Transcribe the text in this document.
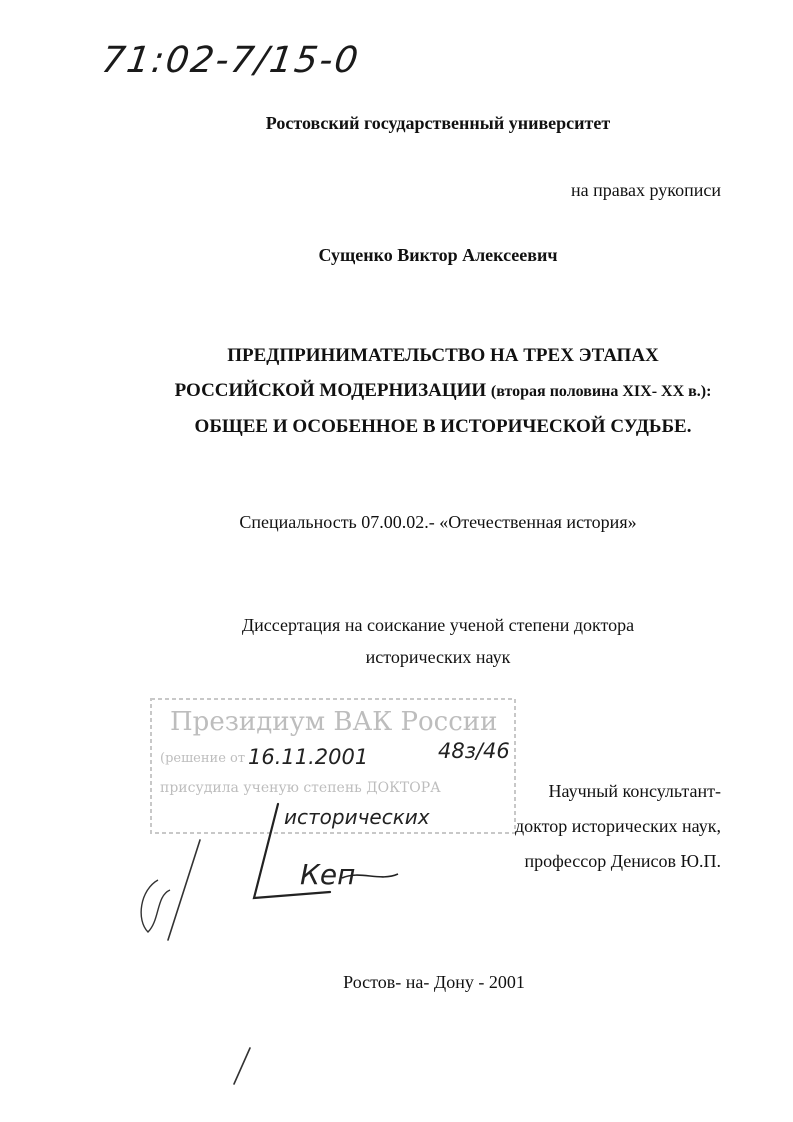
71:02-7/15-0
Ростовский государственный университет
на правах рукописи
Сущенко Виктор Алексеевич
ПРЕДПРИНИМАТЕЛЬСТВО НА ТРЕХ ЭТАПАХ
РОССИЙСКОЙ МОДЕРНИЗАЦИИ (вторая половина XIX- XX в.):
ОБЩЕЕ И ОСОБЕННОЕ В ИСТОРИЧЕСКОЙ СУДЬБЕ.
Специальность 07.00.02.- «Отечественная история»
Диссертация на соискание ученой степени доктора
исторических наук
Президиум ВАК России
(решение от 16.11.2001	48з/46
присудила ученую степень ДОКТОРА
исторических
Кеп
Научный консультант-
доктор исторических наук,
профессор Денисов Ю.П.
Ростов- на- Дону - 2001
